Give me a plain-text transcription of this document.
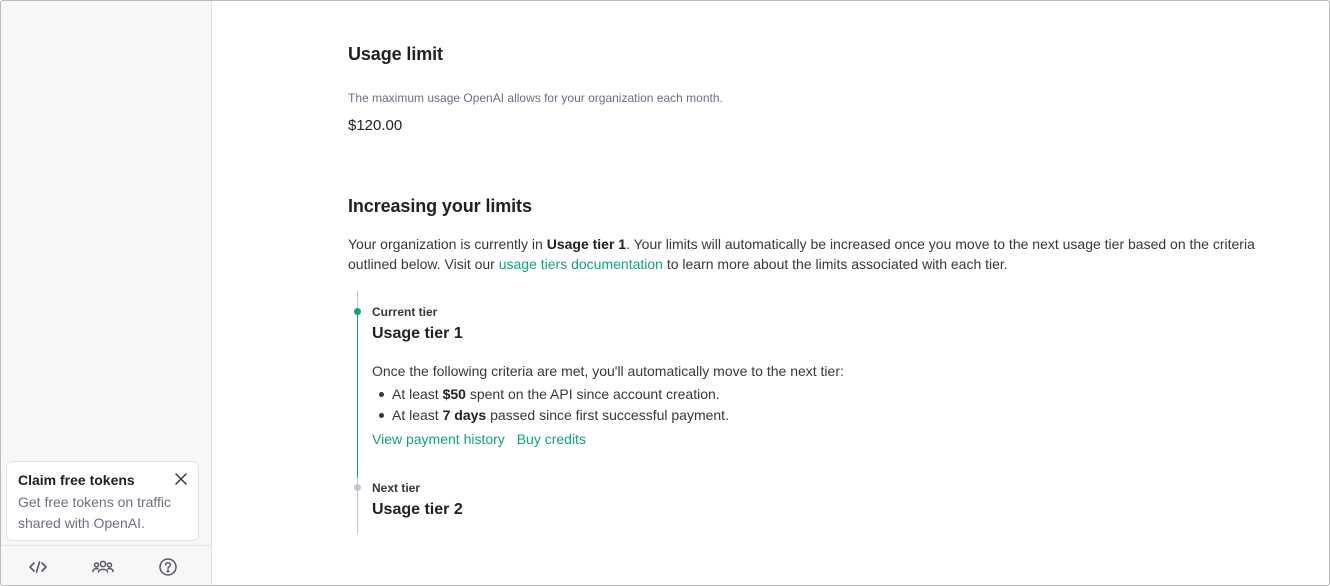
Claim free tokens
Get free tokens on traffic shared with OpenAI.
Usage limit
The maximum usage OpenAI allows for your organization each month.
$120.00
Increasing your limits

Your organization is currently in Usage tier 1. Your limits will automatically be increased once you move to the next usage tier based on the criteria outlined below. Visit our usage tiers documentation to learn more about the limits associated with each tier.

Current tier
Usage tier 1
Once the following criteria are met, you'll automatically move to the next tier:
At least $50 spent on the API since account creation.
At least 7 days passed since first successful payment.
View payment history Buy credits
Next tier
Usage tier 2
